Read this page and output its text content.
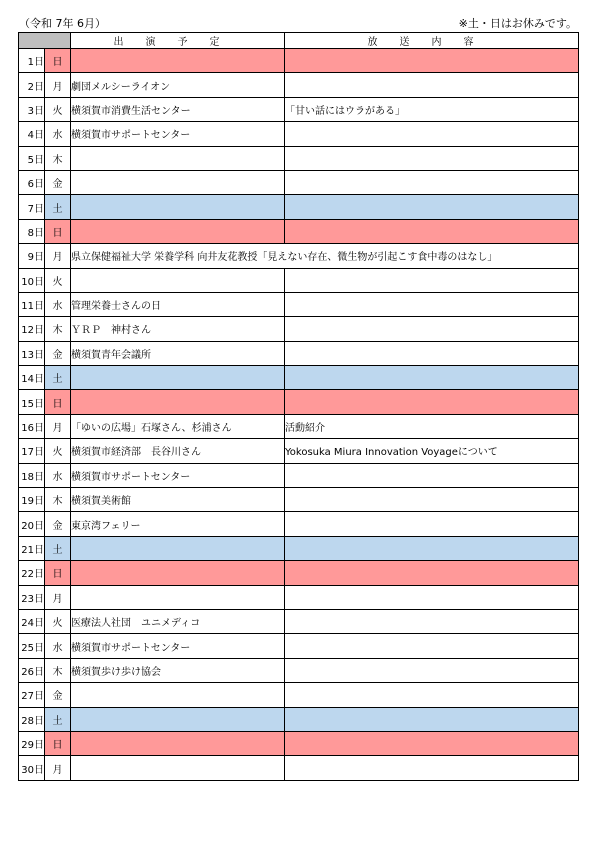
（令和 7年 6月）	※土・日はお休みです。
		出演予定	放送内容
1日	日		
2日	月	劇団メルシーライオン	
3日	火	横須賀市消費生活センター	「甘い話にはウラがある」
4日	水	横須賀市サポートセンター	
5日	木		
6日	金		
7日	土		
8日	日		
9日	月	県立保健福祉大学 栄養学科 向井友花教授「見えない存在、微生物が引起こす食中毒のはなし」	
10日	火		
11日	水	管理栄養士さんの日	
12日	木	ＹＲＰ　神村さん	
13日	金	横須賀青年会議所	
14日	土		
15日	日		
16日	月	「ゆいの広場」石塚さん、杉浦さん	活動紹介
17日	火	横須賀市経済部　長谷川さん	Yokosuka Miura Innovation Voyageについて
18日	水	横須賀市サポートセンター	
19日	木	横須賀美術館	
20日	金	東京湾フェリー	
21日	土		
22日	日		
23日	月		
24日	火	医療法人社団　ユニメディコ	
25日	水	横須賀市サポートセンター	
26日	木	横須賀歩け歩け協会	
27日	金		
28日	土		
29日	日		
30日	月		
